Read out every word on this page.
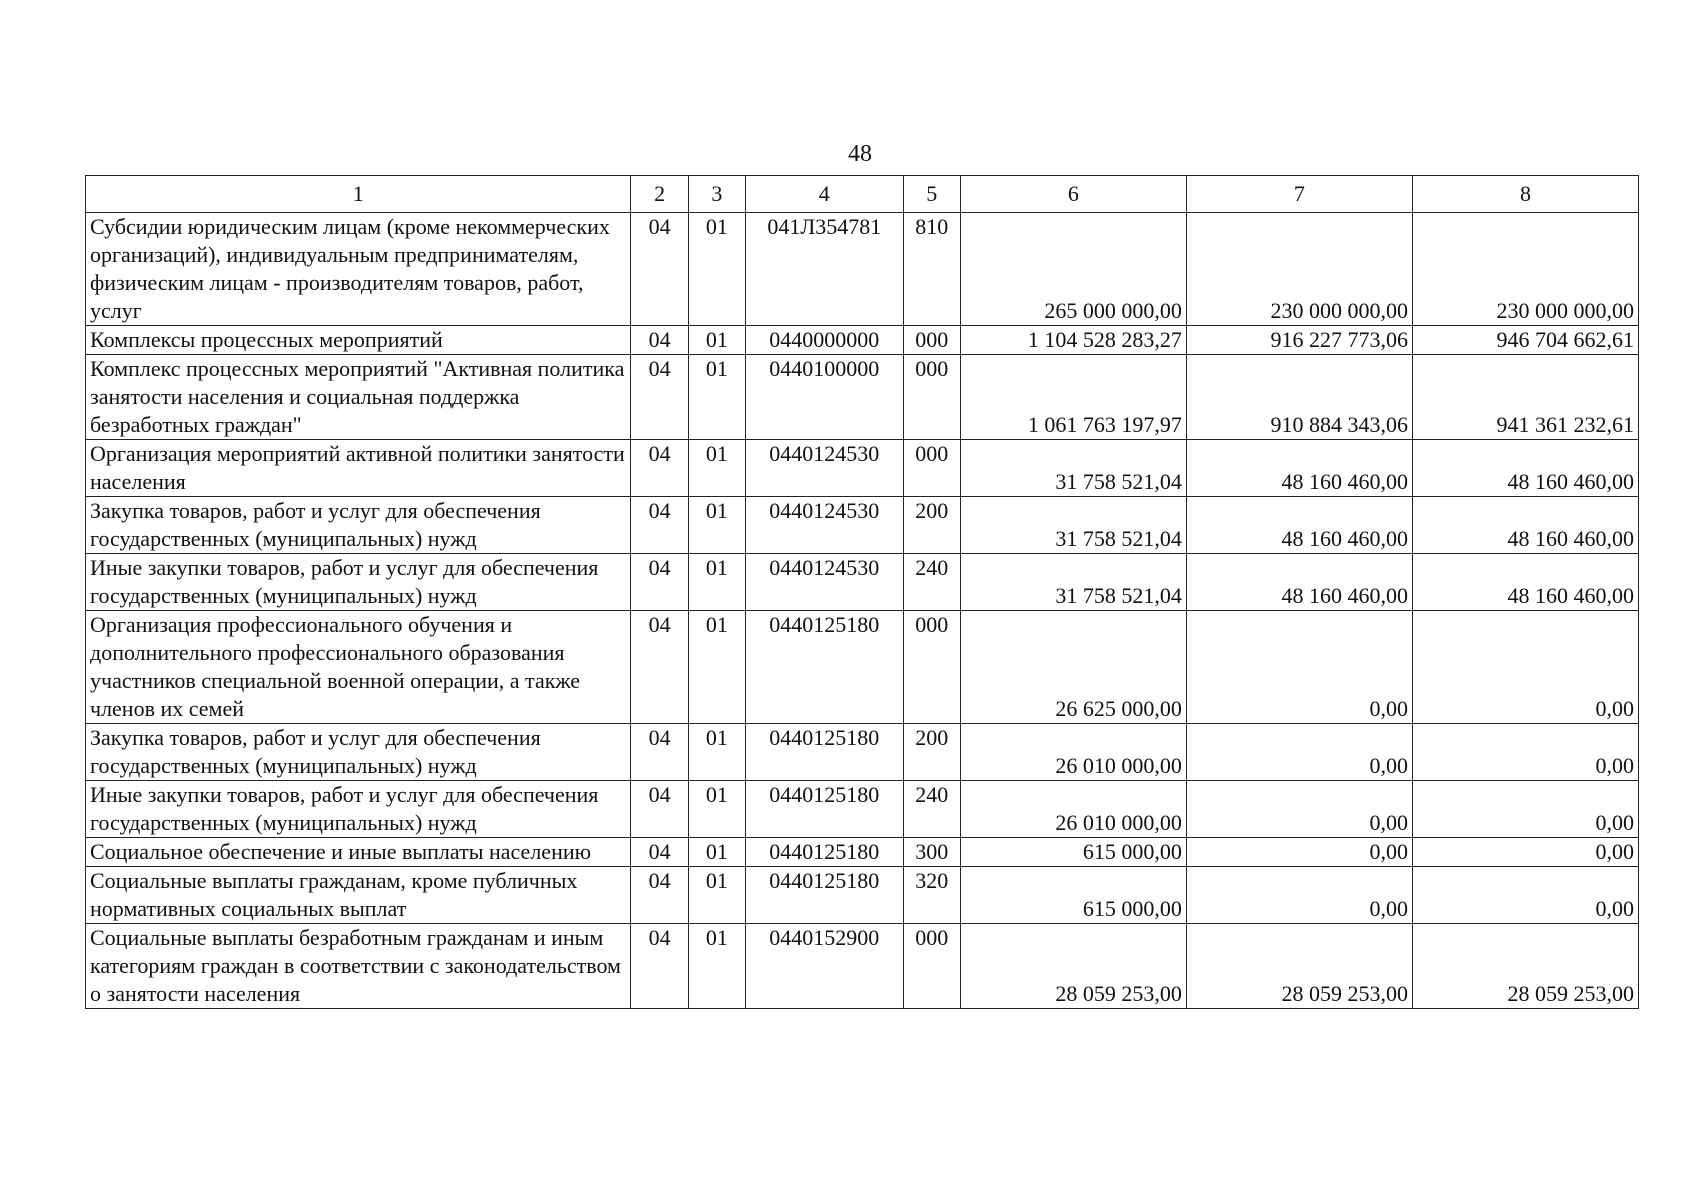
48
1	2	3	4	5	6	7	8
Субсидии юридическим лицам (кроме некоммерческих организаций), индивидуальным предпринимателям, физическим лицам - производителям товаров, работ, услуг	04	01	041Л354781	810	265 000 000,00	230 000 000,00	230 000 000,00
Комплексы процессных мероприятий	04	01	0440000000	000	1 104 528 283,27	916 227 773,06	946 704 662,61
Комплекс процессных мероприятий "Активная политика занятости населения и социальная поддержка безработных граждан"	04	01	0440100000	000	1 061 763 197,97	910 884 343,06	941 361 232,61
Организация мероприятий активной политики занятости населения	04	01	0440124530	000	31 758 521,04	48 160 460,00	48 160 460,00
Закупка товаров, работ и услуг для обеспечения государственных (муниципальных) нужд	04	01	0440124530	200	31 758 521,04	48 160 460,00	48 160 460,00
Иные закупки товаров, работ и услуг для обеспечения государственных (муниципальных) нужд	04	01	0440124530	240	31 758 521,04	48 160 460,00	48 160 460,00
Организация профессионального обучения и дополнительного профессионального образования участников специальной военной операции, а также членов их семей	04	01	0440125180	000	26 625 000,00	0,00	0,00
Закупка товаров, работ и услуг для обеспечения государственных (муниципальных) нужд	04	01	0440125180	200	26 010 000,00	0,00	0,00
Иные закупки товаров, работ и услуг для обеспечения государственных (муниципальных) нужд	04	01	0440125180	240	26 010 000,00	0,00	0,00
Социальное обеспечение и иные выплаты населению	04	01	0440125180	300	615 000,00	0,00	0,00
Социальные выплаты гражданам, кроме публичных нормативных социальных выплат	04	01	0440125180	320	615 000,00	0,00	0,00
Социальные выплаты безработным гражданам и иным категориям граждан в соответствии с законодательством о занятости населения	04	01	0440152900	000	28 059 253,00	28 059 253,00	28 059 253,00
